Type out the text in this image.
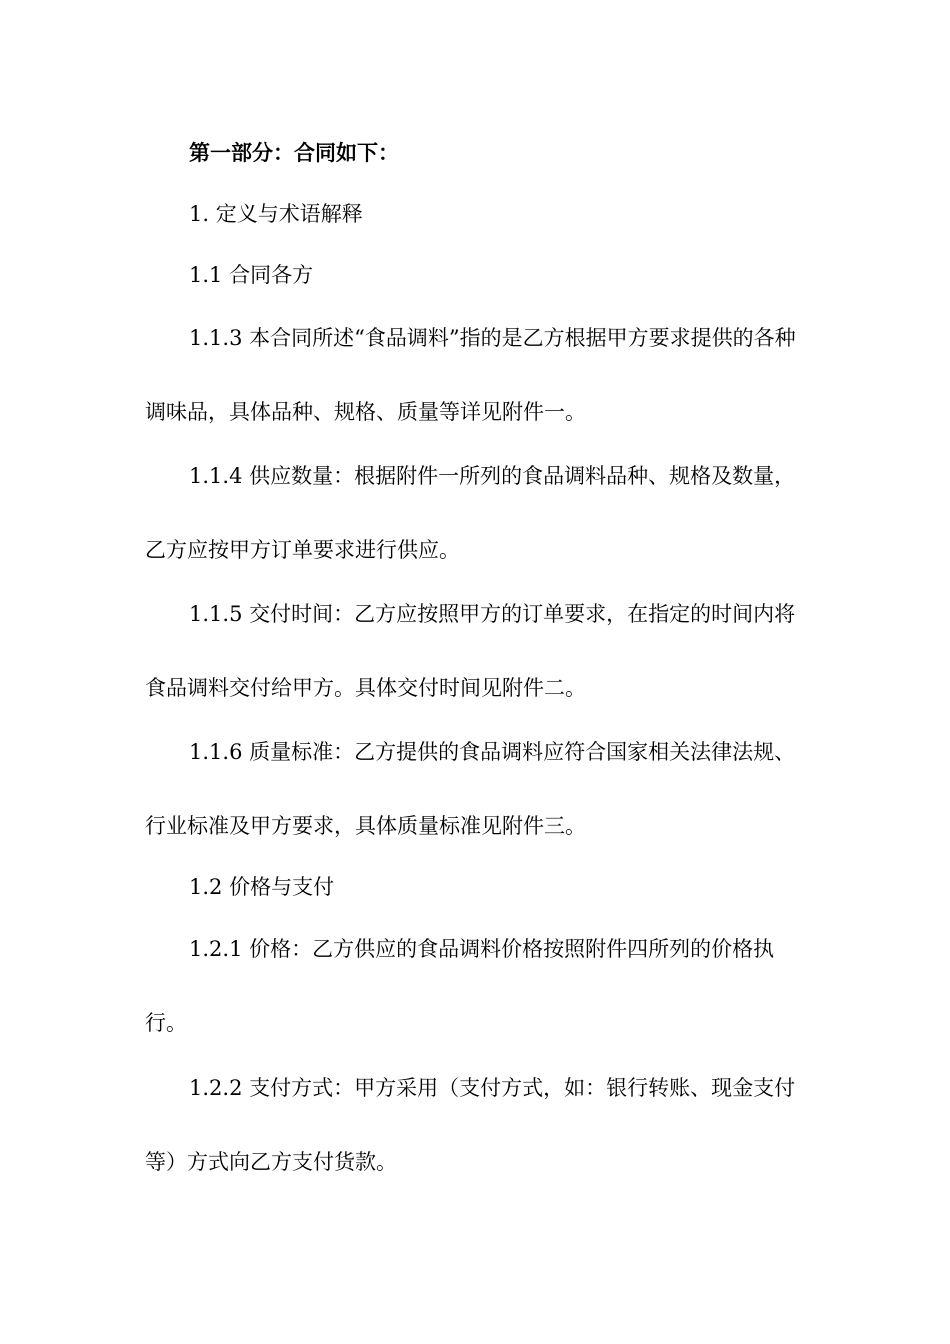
第一部分：合同如下：

1. 定义与术语解释

1.1 合同各方

1.1.3 本合同所述“食品调料”指的是乙方根据甲方要求提供的各种调味品，具体品种、规格、质量等详见附件一。

1.1.4 供应数量：根据附件一所列的食品调料品种、规格及数量，乙方应按甲方订单要求进行供应。

1.1.5 交付时间：乙方应按照甲方的订单要求，在指定的时间内将食品调料交付给甲方。具体交付时间见附件二。

1.1.6 质量标准：乙方提供的食品调料应符合国家相关法律法规、行业标准及甲方要求，具体质量标准见附件三。

1.2 价格与支付

1.2.1 价格：乙方供应的食品调料价格按照附件四所列的价格执行。

1.2.2 支付方式：甲方采用（支付方式，如：银行转账、现金支付等）方式向乙方支付货款。
